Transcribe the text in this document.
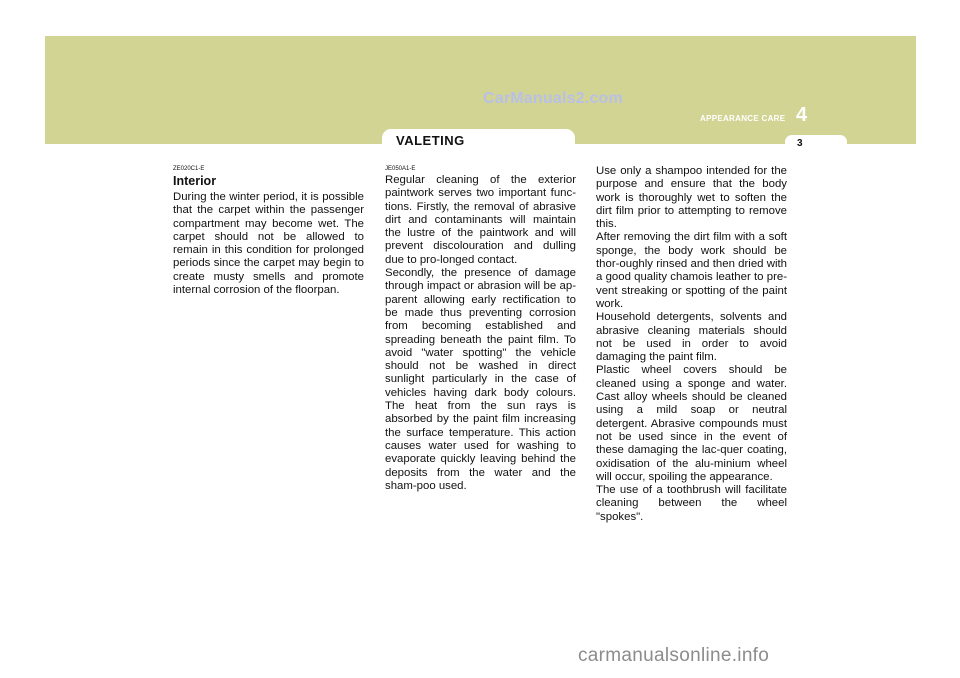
CarManuals2.com
VALETING
APPEARANCE CARE 4
3
ZE020C1-E
Interior

During the winter period, it is possible that the carpet within the passenger compartment may become wet. The carpet should not be allowed to remain in this condition for prolonged periods since the carpet may begin to create musty smells and promote internal corrosion of the floorpan.

JE050A1-E

Regular cleaning of the exterior paintwork serves two important func-tions. Firstly, the removal of abrasive dirt and contaminants will maintain the lustre of the paintwork and will prevent discolouration and dulling due to pro-longed contact.
Secondly, the presence of damage through impact or abrasion will be ap-parent allowing early rectification to be made thus preventing corrosion from becoming established and spreading beneath the paint film. To avoid "water spotting" the vehicle should not be washed in direct sunlight particularly in the case of vehicles having dark body colours. The heat from the sun rays is absorbed by the paint film increasing the surface temperature. This action causes water used for washing to evaporate quickly leaving behind the deposits from the water and the sham-poo used.

Use only a shampoo intended for the purpose and ensure that the body work is thoroughly wet to soften the dirt film prior to attempting to remove this.
After removing the dirt film with a soft sponge, the body work should be thor-oughly rinsed and then dried with a good quality chamois leather to pre-vent streaking or spotting of the paint work.
Household detergents, solvents and abrasive cleaning materials should not be used in order to avoid damaging the paint film.
Plastic wheel covers should be cleaned using a sponge and water. Cast alloy wheels should be cleaned using a mild soap or neutral detergent. Abrasive compounds must not be used since in the event of these damaging the lac-quer coating, oxidisation of the alu-minium wheel will occur, spoiling the appearance.
The use of a toothbrush will facilitate cleaning between the wheel "spokes".

carmanualsonline.info
